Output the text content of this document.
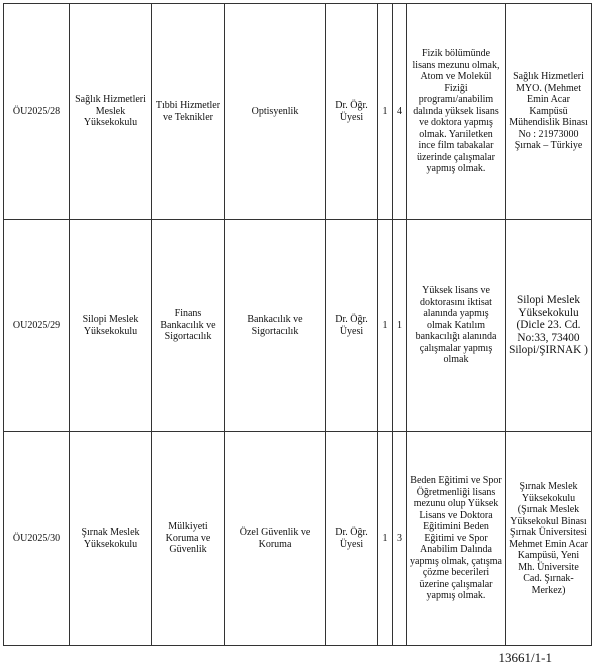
ÖU2025/28	Sağlık Hizmetleri Meslek Yüksekokulu	Tıbbi Hizmetler ve Teknikler	Optisyenlik	Dr. Öğr. Üyesi	1	4	Fizik bölümünde lisans mezunu olmak, Atom ve Molekül Fiziği programı/anabilim dalında yüksek lisans ve doktora yapmış olmak. Yarıiletken ince film tabakalar üzerinde çalışmalar yapmış olmak.	Sağlık Hizmetleri MYO. (Mehmet Emin Acar Kampüsü Mühendislik Binası No : 21973000 Şırnak – Türkiye
OU2025/29	Silopi Meslek Yüksekokulu	Finans Bankacılık ve Sigortacılık	Bankacılık ve Sigortacılık	Dr. Öğr. Üyesi	1	1	Yüksek lisans ve doktorasını iktisat alanında yapmış olmak Katılım bankacılığı alanında çalışmalar yapmış olmak	Silopi Meslek Yüksekokulu (Dicle 23. Cd. No:33, 73400 Silopi/ŞIRNAK )
ÖU2025/30	Şırnak Meslek Yüksekokulu	Mülkiyeti Koruma ve Güvenlik	Özel Güvenlik ve Koruma	Dr. Öğr. Üyesi	1	3	Beden Eğitimi ve Spor Öğretmenliği lisans mezunu olup Yüksek Lisans ve Doktora Eğitimini Beden Eğitimi ve Spor Anabilim Dalında yapmış olmak, çatışma çözme becerileri üzerine çalışmalar yapmış olmak.	Şırnak Meslek Yüksekokulu (Şırnak Meslek Yüksekokul Binası Şırnak Üniversitesi Mehmet Emin Acar Kampüsü, Yeni Mh. Üniversite Cad. Şırnak- Merkez)
13661/1-1
